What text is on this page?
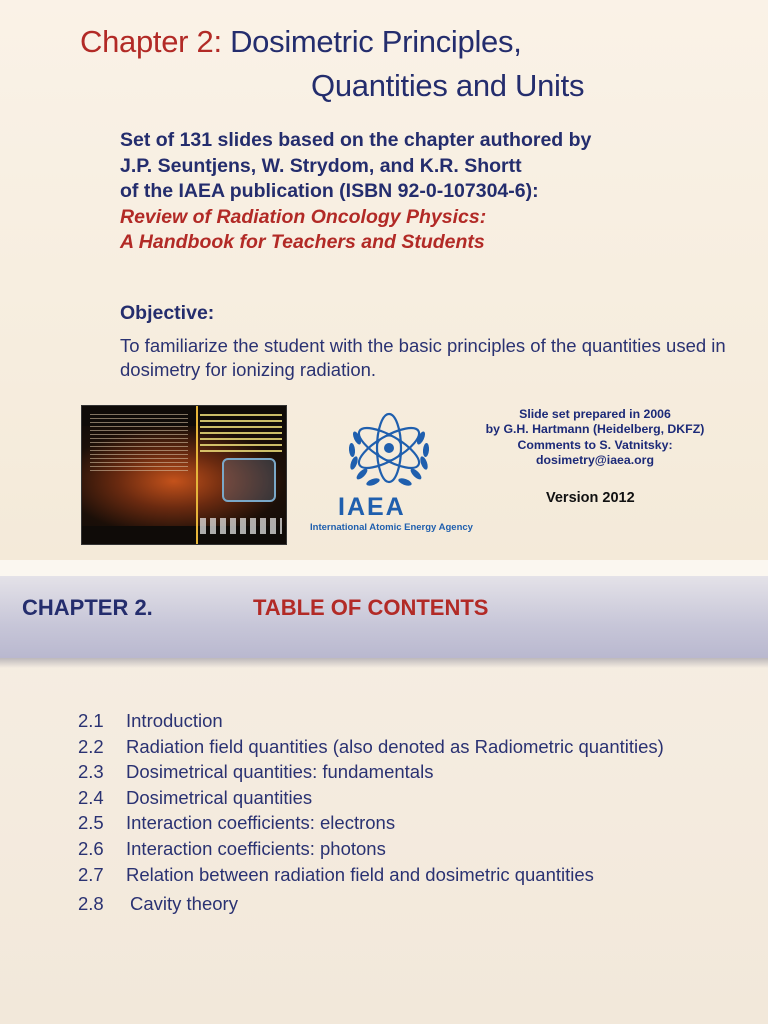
Chapter 2: Dosimetric Principles,
Quantities and Units
Set of 131 slides based on the chapter authored by
J.P. Seuntjens, W. Strydom, and K.R. Shortt
of the IAEA publication (ISBN 92-0-107304-6):
Review of Radiation Oncology Physics:
A Handbook for Teachers and Students
Objective:
To familiarize the student with the basic principles of the quantities used in dosimetry for ionizing radiation.
IAEA
International Atomic Energy Agency
Slide set prepared in 2006
by G.H. Hartmann (Heidelberg, DKFZ)
Comments to S. Vatnitsky:
dosimetry@iaea.org
Version 2012
CHAPTER 2.	TABLE OF CONTENTS
2.1 Introduction
2.2 Radiation field quantities (also denoted as Radiometric quantities)
2.3 Dosimetrical quantities: fundamentals
2.4 Dosimetrical quantities
2.5 Interaction coefficients: electrons
2.6 Interaction coefficients: photons
2.7 Relation between radiation field and dosimetric quantities
2.8 Cavity theory
